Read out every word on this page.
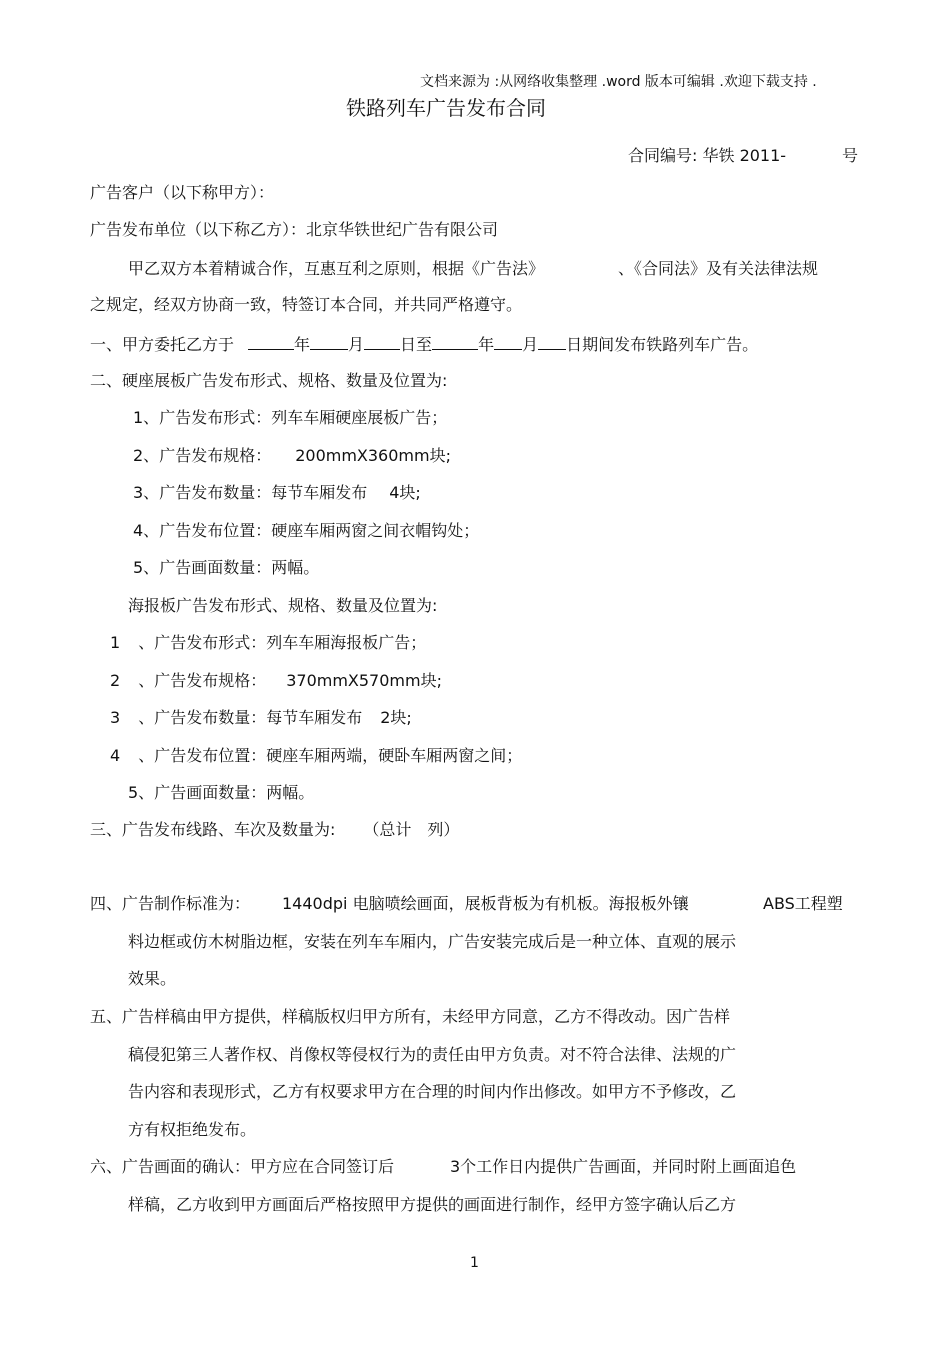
文档来源为 :从网络收集整理 .word 版本可编辑 .欢迎下载支持 .
铁路列车广告发布合同
合同编号: 华铁 2011-	号
广告客户（以下称甲方）：
广告发布单位（以下称乙方）：北京华铁世纪广告有限公司
甲乙双方本着精诚合作，互惠互利之原则，根据《广告法》	、《合同法》及有关法律法规
之规定，经双方协商一致，特签订本合同，并共同严格遵守。
一、甲方委托乙方于	年 月 日至	年 月 日期间发布铁路列车广告。
二、硬座展板广告发布形式、规格、数量及位置为:
1、广告发布形式：列车车厢硬座展板广告；
2、广告发布规格： 200mmX360mm块;
3、广告发布数量：每节车厢发布 4块;
4、广告发布位置：硬座车厢两窗之间衣帽钩处；
5、广告画面数量：两幅。
海报板广告发布形式、规格、数量及位置为:
1 、广告发布形式：列车车厢海报板广告；
2 、广告发布规格： 370mmX570mm块;
3 、广告发布数量：每节车厢发布 2块;
4 、广告发布位置：硬座车厢两端，硬卧车厢两窗之间；
5、广告画面数量：两幅。
三、广告发布线路、车次及数量为: （总计 列）
四、广告制作标准为： 1440dpi 电脑喷绘画面，展板背板为有机板。海报板外镶	ABS工程塑
料边框或仿木树脂边框，安装在列车车厢内，广告安装完成后是一种立体、直观的展示
效果。
五、广告样稿由甲方提供，样稿版权归甲方所有，未经甲方同意，乙方不得改动。因广告样
稿侵犯第三人著作权、肖像权等侵权行为的责任由甲方负责。对不符合法律、法规的广
告内容和表现形式，乙方有权要求甲方在合理的时间内作出修改。如甲方不予修改，乙
方有权拒绝发布。
六、广告画面的确认：甲方应在合同签订后	3个工作日内提供广告画面，并同时附上画面追色
样稿，乙方收到甲方画面后严格按照甲方提供的画面进行制作，经甲方签字确认后乙方
1
